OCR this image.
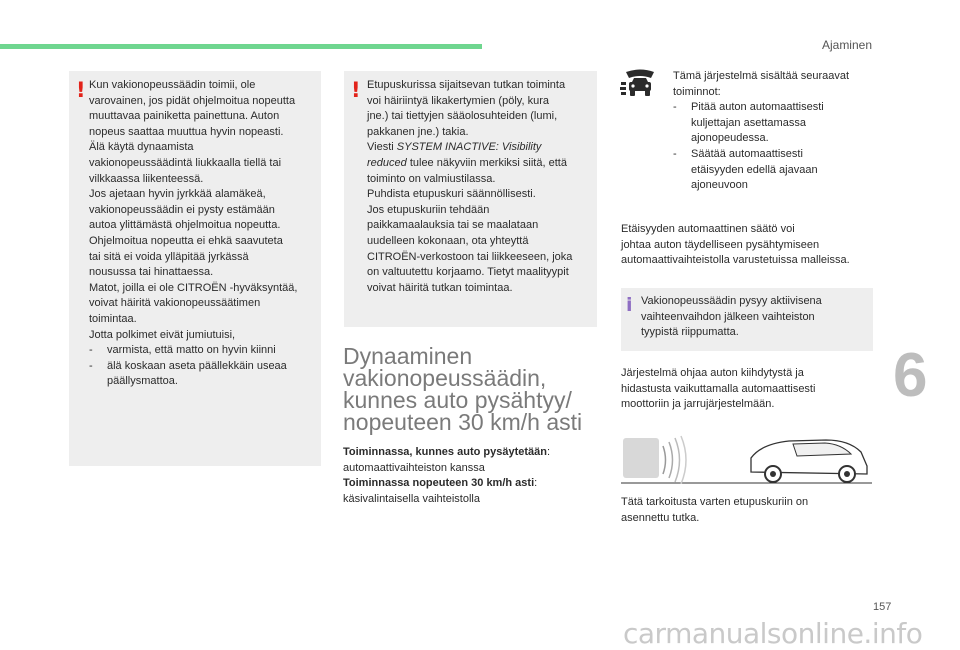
Ajaminen
! Kun vakionopeussäädin toimii, ole

varovainen, jos pidät ohjelmoitua nopeutta

muuttavaa painiketta painettuna. Auton

nopeus saattaa muuttua hyvin nopeasti.

Älä käytä dynaamista

vakionopeussäädintä liukkaalla tiellä tai

vilkkaassa liikenteessä.

Jos ajetaan hyvin jyrkkää alamäkeä,

vakionopeussäädin ei pysty estämään

autoa ylittämästä ohjelmoitua nopeutta.

Ohjelmoitua nopeutta ei ehkä saavuteta

tai sitä ei voida ylläpitää jyrkässä

nousussa tai hinattaessa.

Matot, joilla ei ole CITROËN -hyväksyntää,

voivat häiritä vakionopeussäätimen

toimintaa.

Jotta polkimet eivät jumiutuisi,

-	varmista, että matto on hyvin kiinni
-	älä koskaan aseta päällekkäin useaa
päällysmattoa.
! Etupuskurissa sijaitsevan tutkan toiminta

voi häiriintyä likakertymien (pöly, kura

jne.) tai tiettyjen sääolosuhteiden (lumi,

pakkanen jne.) takia.

Viesti SYSTEM INACTIVE: Visibility

reduced tulee näkyviin merkiksi siitä, että

toiminto on valmiustilassa.

Puhdista etupuskuri säännöllisesti.

Jos etupuskuriin tehdään

paikkamaalauksia tai se maalataan

uudelleen kokonaan, ota yhteyttä

CITROËN-verkostoon tai liikkeeseen, joka

on valtuutettu korjaamo. Tietyt maalityypit

voivat häiritä tutkan toimintaa.

Dynaaminen

vakionopeussäädin,

kunnes auto pysähtyy/

nopeuteen 30 km/h asti

Toiminnassa, kunnes auto pysäytetään:

automaattivaihteiston kanssa

Toiminnassa nopeuteen 30 km/h asti:

käsivalintaisella vaihteistolla

Tämä järjestelmä sisältää seuraavat

toiminnot:

-	Pitää auton automaattisesti
kuljettajan asettamassa
ajonopeudessa.
-	Säätää automaattisesti
etäisyyden edellä ajavaan
ajoneuvoon

Etäisyyden automaattinen säätö voi

johtaa auton täydelliseen pysähtymiseen

automaattivaihteistolla varustetuissa malleissa.

i Vakionopeussäädin pysyy aktiivisena

vaihteenvaihdon jälkeen vaihteiston

tyypistä riippumatta.

Järjestelmä ohjaa auton kiihdytystä ja

hidastusta vaikuttamalla automaattisesti

moottoriin ja jarrujärjestelmään.

Tätä tarkoitusta varten etupuskuriin on

asennettu tutka.

6
157
carmanualsonline.info
